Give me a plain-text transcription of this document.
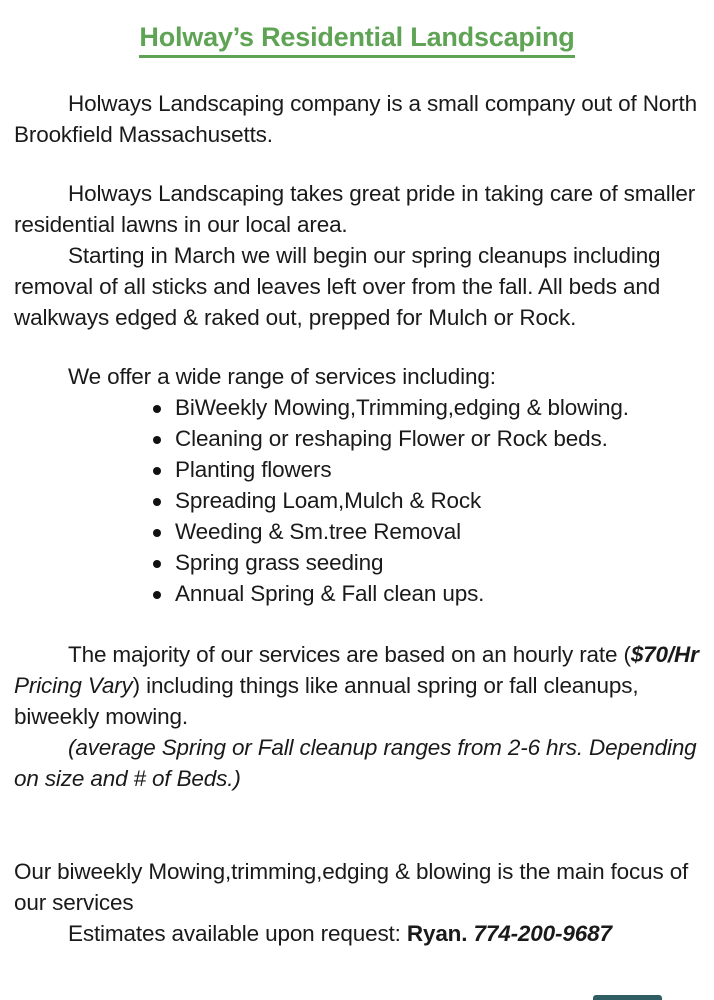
Holway’s Residential Landscaping

Holways Landscaping company is a small company out of North Brookfield Massachusetts.

Holways Landscaping takes great pride in taking care of smaller residential lawns in our local area.

Starting in March we will begin our spring cleanups including removal of all sticks and leaves left over from the fall. All beds and walkways edged & raked out, prepped for Mulch or Rock.

We offer a wide range of services including:

BiWeekly Mowing,Trimming,edging & blowing.
Cleaning or reshaping Flower or Rock beds.
Planting flowers
Spreading Loam,Mulch & Rock
Weeding & Sm.tree Removal
Spring grass seeding
Annual Spring & Fall clean ups.

The majority of our services are based on an hourly rate ($70/Hr Pricing Vary) including things like annual spring or fall cleanups, biweekly mowing.

(average Spring or Fall cleanup ranges from 2-6 hrs. Depending on size and # of Beds.)

Our biweekly Mowing,trimming,edging & blowing is the main focus of our services

Estimates available upon request: Ryan. 774-200-9687
